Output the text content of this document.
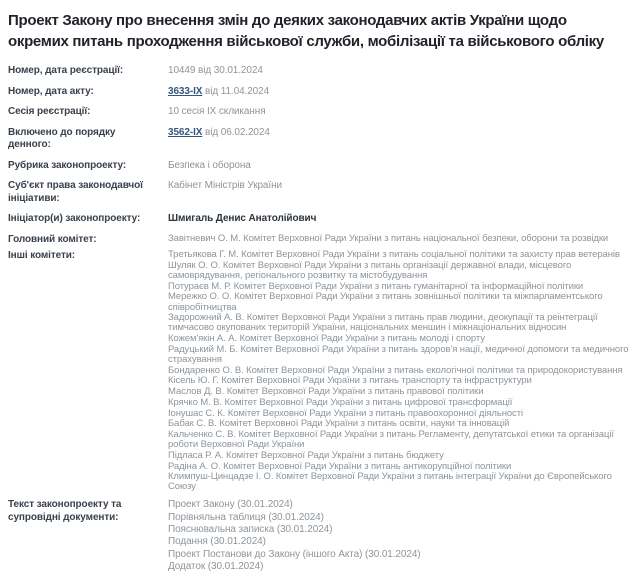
Проект Закону про внесення змін до деяких законодавчих актів України щодо окремих питань проходження військової служби, мобілізації та військового обліку
Номер, дата реєстрації:	10449 від 30.01.2024
Номер, дата акту:	3633-IX від 11.04.2024
Сесія реєстрації:	10 сесія IX скликання
Включено до порядку денного:
3562-IX від 06.02.2024
Рубрика законопроекту:	Безпека і оборона
Суб'єкт права законодавчої ініціативи:
Кабінет Міністрів України
Ініціатор(и) законопроекту:	Шмигаль Денис Анатолійович
Головний комітет:	Завітневич О. М. Комітет Верховної Ради України з питань національної безпеки, оборони та розвідки
Інші комітети:	Третьякова Г. М. Комітет Верховної Ради України з питань соціальної політики та захисту прав ветеранів
Шуляк О. О. Комітет Верховної Ради України з питань організації державної влади, місцевого самоврядування, регіонального розвитку та містобудування
Потураєв М. Р. Комітет Верховної Ради України з питань гуманітарної та інформаційної політики
Мережко О. О. Комітет Верховної Ради України з питань зовнішньої політики та міжпарламентського співробітництва
Задорожний А. В. Комітет Верховної Ради України з питань прав людини, деокупації та реінтеграції тимчасово окупованих територій України, національних меншин і міжнаціональних відносин
Кожем'якін А. А. Комітет Верховної Ради України з питань молоді і спорту
Радуцький М. Б. Комітет Верховної Ради України з питань здоров'я нації, медичної допомоги та медичного страхування
Бондаренко О. В. Комітет Верховної Ради України з питань екологічної політики та природокористування
Кісель Ю. Г. Комітет Верховної Ради України з питань транспорту та інфраструктури
Маслов Д. В. Комітет Верховної Ради України з питань правової політики
Крячко М. В. Комітет Верховної Ради України з питань цифрової трансформації
Іонушас С. К. Комітет Верховної Ради України з питань правоохоронної діяльності
Бабак С. В. Комітет Верховної Ради України з питань освіти, науки та інновацій
Кальченко С. В. Комітет Верховної Ради України з питань Регламенту, депутатської етики та організації роботи Верховної Ради України
Підласа Р. А. Комітет Верховної Ради України з питань бюджету
Радіна А. О. Комітет Верховної Ради України з питань антикорупційної політики
Климпуш-Цинцадзе І. О. Комітет Верховної Ради України з питань інтеграції України до Європейського Союзу
Текст законопроекту та супровідні документи:
Проект Закону (30.01.2024)
Порівняльна таблиця (30.01.2024)
Пояснювальна записка (30.01.2024)
Подання (30.01.2024)
Проект Постанови до Закону (іншого Акта) (30.01.2024)
Додаток (30.01.2024)
